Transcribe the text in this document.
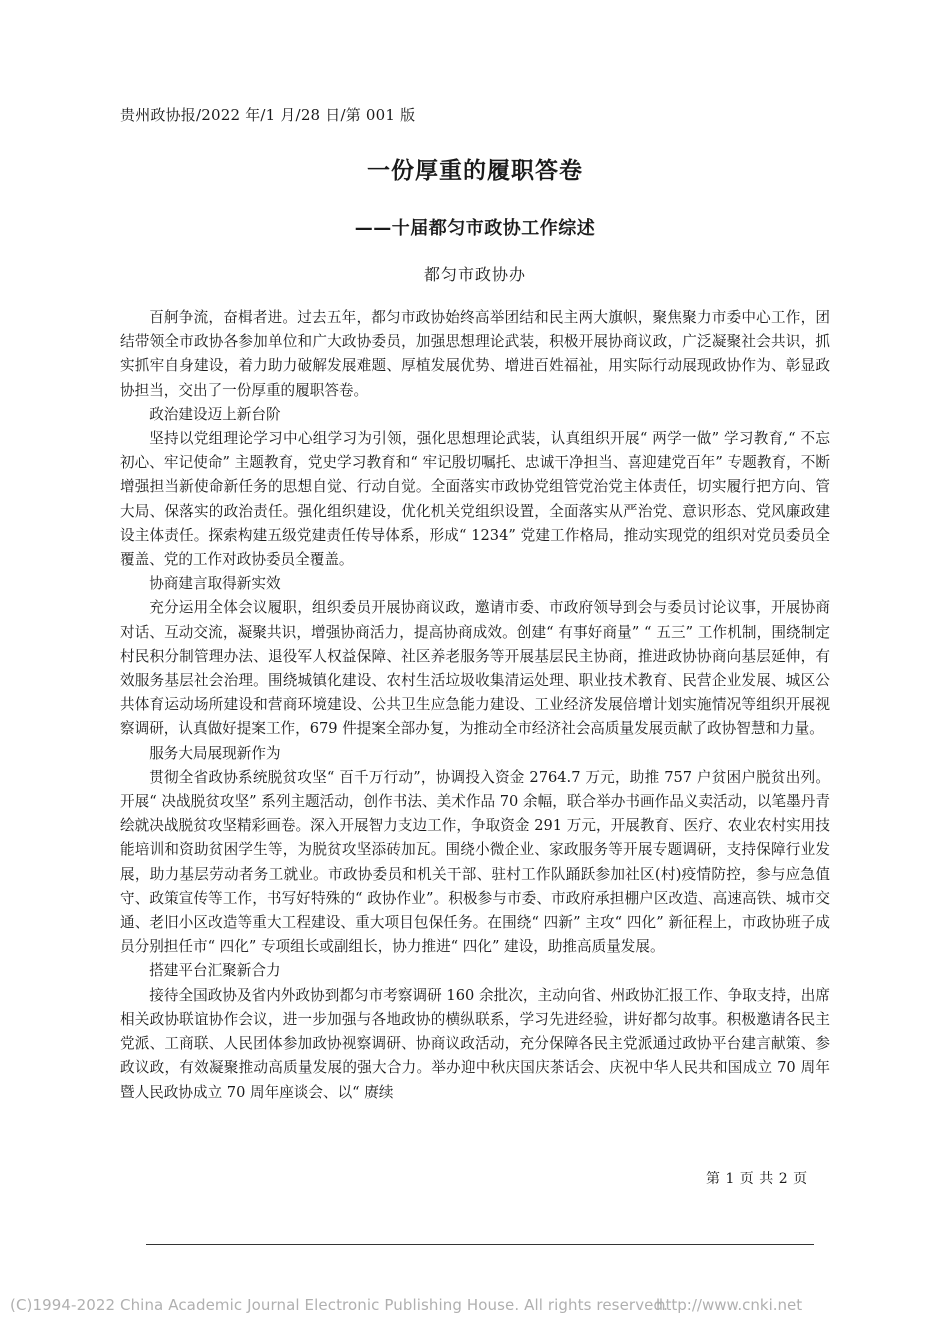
贵州政协报/2022 年/1 月/28 日/第 001 版
一份厚重的履职答卷
——十届都匀市政协工作综述
都匀市政协办

百舸争流，奋楫者进。过去五年，都匀市政协始终高举团结和民主两大旗帜，聚焦聚力市委中心工作，团结带领全市政协各参加单位和广大政协委员，加强思想理论武装，积极开展协商议政，广泛凝聚社会共识，抓实抓牢自身建设，着力助力破解发展难题、厚植发展优势、增进百姓福祉，用实际行动展现政协作为、彰显政协担当，交出了一份厚重的履职答卷。

政治建设迈上新台阶

坚持以党组理论学习中心组学习为引领，强化思想理论武装，认真组织开展“ 两学一做” 学习教育,“ 不忘初心、牢记使命” 主题教育，党史学习教育和“ 牢记殷切嘱托、忠诚干净担当、喜迎建党百年” 专题教育，不断增强担当新使命新任务的思想自觉、行动自觉。全面落实市政协党组管党治党主体责任，切实履行把方向、管大局、保落实的政治责任。强化组织建设，优化机关党组织设置，全面落实从严治党、意识形态、党风廉政建设主体责任。探索构建五级党建责任传导体系，形成“ 1234” 党建工作格局，推动实现党的组织对党员委员全覆盖、党的工作对政协委员全覆盖。

协商建言取得新实效

充分运用全体会议履职，组织委员开展协商议政，邀请市委、市政府领导到会与委员讨论议事，开展协商对话、互动交流，凝聚共识，增强协商活力，提高协商成效。创建“ 有事好商量” “ 五三” 工作机制，围绕制定村民积分制管理办法、退役军人权益保障、社区养老服务等开展基层民主协商，推进政协协商向基层延伸，有效服务基层社会治理。围绕城镇化建设、农村生活垃圾收集清运处理、职业技术教育、民营企业发展、城区公共体育运动场所建设和营商环境建设、公共卫生应急能力建设、工业经济发展倍增计划实施情况等组织开展视察调研，认真做好提案工作，679 件提案全部办复，为推动全市经济社会高质量发展贡献了政协智慧和力量。

服务大局展现新作为

贯彻全省政协系统脱贫攻坚“ 百千万行动”，协调投入资金 2764.7 万元，助推 757 户贫困户脱贫出列。开展“ 决战脱贫攻坚” 系列主题活动，创作书法、美术作品 70 余幅，联合举办书画作品义卖活动，以笔墨丹青绘就决战脱贫攻坚精彩画卷。深入开展智力支边工作，争取资金 291 万元，开展教育、医疗、农业农村实用技能培训和资助贫困学生等，为脱贫攻坚添砖加瓦。围绕小微企业、家政服务等开展专题调研，支持保障行业发展，助力基层劳动者务工就业。市政协委员和机关干部、驻村工作队踊跃参加社区(村)疫情防控，参与应急值守、政策宣传等工作，书写好特殊的“ 政协作业”。积极参与市委、市政府承担棚户区改造、高速高铁、城市交通、老旧小区改造等重大工程建设、重大项目包保任务。在围绕“ 四新” 主攻“ 四化” 新征程上，市政协班子成员分别担任市“ 四化” 专项组长或副组长，协力推进“ 四化” 建设，助推高质量发展。

搭建平台汇聚新合力

接待全国政协及省内外政协到都匀市考察调研 160 余批次，主动向省、州政协汇报工作、争取支持，出席相关政协联谊协作会议，进一步加强与各地政协的横纵联系，学习先进经验，讲好都匀故事。积极邀请各民主党派、工商联、人民团体参加政协视察调研、协商议政活动，充分保障各民主党派通过政协平台建言献策、参政议政，有效凝聚推动高质量发展的强大合力。举办迎中秋庆国庆茶话会、庆祝中华人民共和国成立 70 周年暨人民政协成立 70 周年座谈会、以“ 赓续

第 1 页 共 2 页
(C)1994-2022 China Academic Journal Electronic Publishing House. All rights reserved.
http://www.cnki.net
